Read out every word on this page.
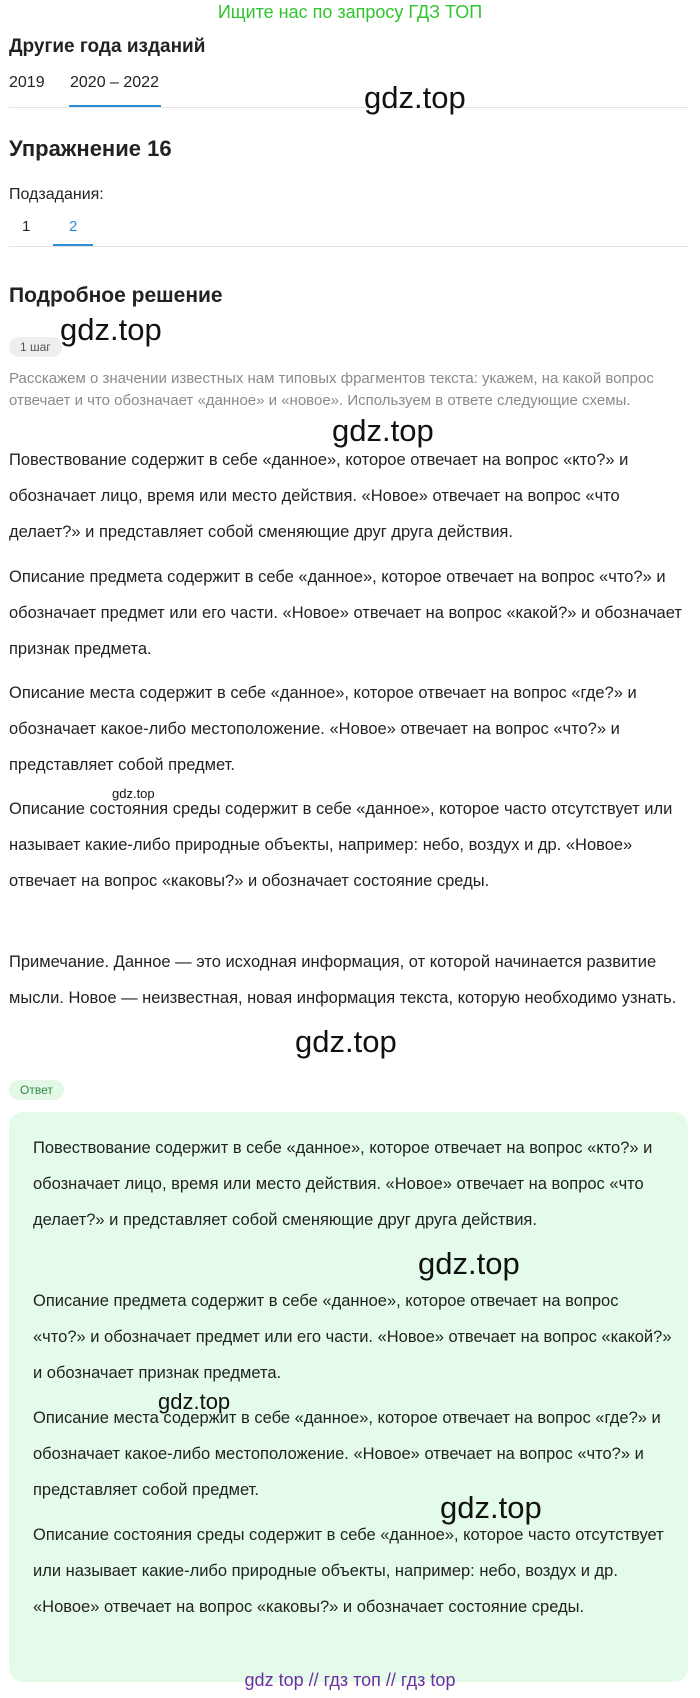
Ищите нас по запросу ГДЗ ТОП
Другие года изданий
2019 2020 – 2022
Упражнение 16
Подзадания:
1	2
Подробное решение
1 шаг
Расскажем о значении известных нам типовых фрагментов текста: укажем, на какой вопрос отвечает и что обозначает «данное» и «новое». Используем в ответе следующие схемы.
Повествование содержит в себе «данное», которое отвечает на вопрос «кто?» и обозначает лицо, время или место действия. «Новое» отвечает на вопрос «что делает?» и представляет собой сменяющие друг друга действия.
Описание предмета содержит в себе «данное», которое отвечает на вопрос «что?» и обозначает предмет или его части. «Новое» отвечает на вопрос «какой?» и обозначает признак предмета.
Описание места содержит в себе «данное», которое отвечает на вопрос «где?» и обозначает какое-либо местоположение. «Новое» отвечает на вопрос «что?» и представляет собой предмет.
Описание состояния среды содержит в себе «данное», которое часто отсутствует или называет какие-либо природные объекты, например: небо, воздух и др. «Новое» отвечает на вопрос «каковы?» и обозначает состояние среды.
Примечание. Данное — это исходная информация, от которой начинается развитие мысли. Новое — неизвестная, новая информация текста, которую необходимо узнать.
Ответ
Повествование содержит в себе «данное», которое отвечает на вопрос «кто?» и обозначает лицо, время или место действия. «Новое» отвечает на вопрос «что делает?» и представляет собой сменяющие друг друга действия.
Описание предмета содержит в себе «данное», которое отвечает на вопрос «что?» и обозначает предмет или его части. «Новое» отвечает на вопрос «какой?» и обозначает признак предмета.
Описание места содержит в себе «данное», которое отвечает на вопрос «где?» и обозначает какое-либо местоположение. «Новое» отвечает на вопрос «что?» и представляет собой предмет.
Описание состояния среды содержит в себе «данное», которое часто отсутствует или называет какие-либо природные объекты, например: небо, воздух и др. «Новое» отвечает на вопрос «каковы?» и обозначает состояние среды.
gdz.top
gdz.top
gdz.top
gdz.top
gdz.top
gdz.top
gdz.top
gdz.top
gdz top // гдз топ // гдз top
